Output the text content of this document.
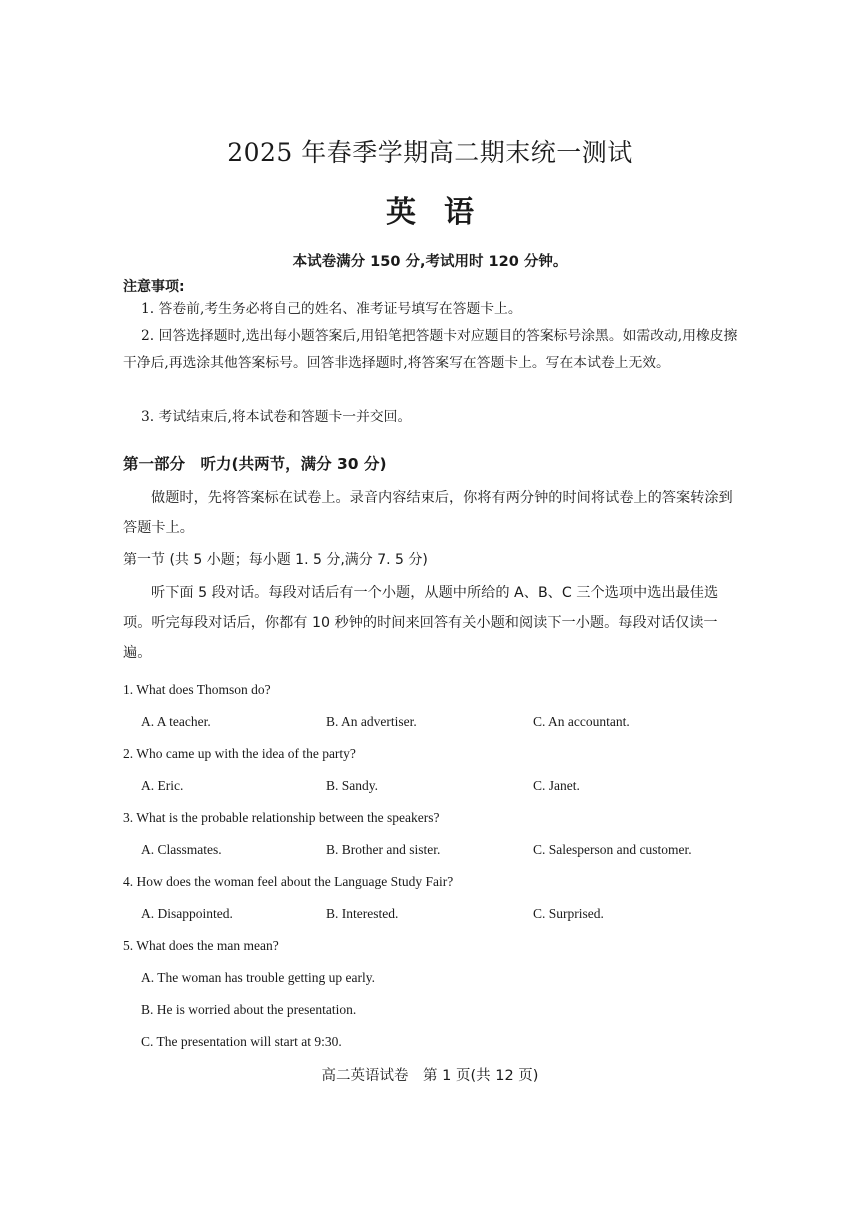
2025 年春季学期高二期末统一测试
英 语
本试卷满分 150 分,考试用时 120 分钟。
注意事项:
1. 答卷前,考生务必将自己的姓名、准考证号填写在答题卡上。
2. 回答选择题时,选出每小题答案后,用铅笔把答题卡对应题目的答案标号涂黑。如需改动,用橡皮擦干净后,再选涂其他答案标号。回答非选择题时,将答案写在答题卡上。写在本试卷上无效。
3. 考试结束后,将本试卷和答题卡一并交回。
第一部分　听力(共两节，满分 30 分)
做题时，先将答案标在试卷上。录音内容结束后，你将有两分钟的时间将试卷上的答案转涂到答题卡上。
第一节 (共 5 小题；每小题 1. 5 分,满分 7. 5 分)
听下面 5 段对话。每段对话后有一个小题，从题中所给的 A、B、C 三个选项中选出最佳选项。听完每段对话后，你都有 10 秒钟的时间来回答有关小题和阅读下一小题。每段对话仅读一遍。
1. What does Thomson do?
A. A teacher.	B. An advertiser.	C. An accountant.
2. Who came up with the idea of the party?
A. Eric.	B. Sandy.	C. Janet.
3. What is the probable relationship between the speakers?
A. Classmates.	B. Brother and sister.	C. Salesperson and customer.
4. How does the woman feel about the Language Study Fair?
A. Disappointed.	B. Interested.	C. Surprised.
5. What does the man mean?
A. The woman has trouble getting up early.
B. He is worried about the presentation.
C. The presentation will start at 9:30.
高二英语试卷　第 1 页(共 12 页)
